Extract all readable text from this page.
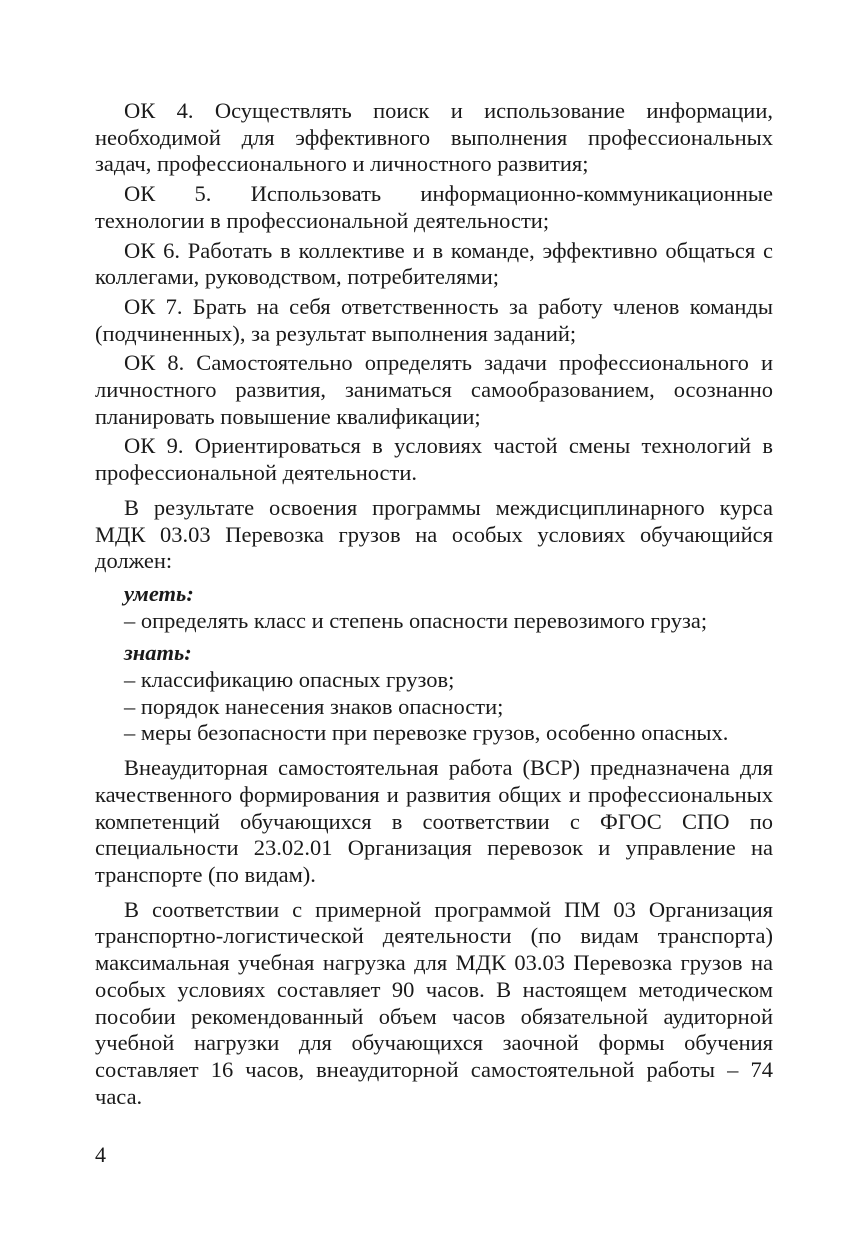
ОК 4. Осуществлять поиск и использование информации, необходимой для эффективного выполнения профессиональных задач, профессионального и личностного развития;

ОК 5. Использовать информационно-коммуникационные технологии в профессиональной деятельности;

ОК 6. Работать в коллективе и в команде, эффективно общаться с коллегами, руководством, потребителями;

ОК 7. Брать на себя ответственность за работу членов команды (подчиненных), за результат выполнения заданий;

ОК 8. Самостоятельно определять задачи профессионального и личностного развития, заниматься самообразованием, осознанно планировать повышение квалификации;

ОК 9. Ориентироваться в условиях частой смены технологий в профессиональной деятельности.

В результате освоения программы междисциплинарного курса МДК 03.03 Перевозка грузов на особых условиях обучающийся должен:

уметь:

– определять класс и степень опасности перевозимого груза;

знать:

– классификацию опасных грузов;

– порядок нанесения знаков опасности;

– меры безопасности при перевозке грузов, особенно опасных.

Внеаудиторная самостоятельная работа (ВСР) предназначена для качественного формирования и развития общих и профессиональных компетенций обучающихся в соответствии с ФГОС СПО по специальности 23.02.01 Организация перевозок и управление на транспорте (по видам).

В соответствии с примерной программой ПМ 03 Организация транспортно-логистической деятельности (по видам транспорта) максимальная учебная нагрузка для МДК 03.03 Перевозка грузов на особых условиях составляет 90 часов. В настоящем методическом пособии рекомендованный объем часов обязательной аудиторной учебной нагрузки для обучающихся заочной формы обучения составляет 16 часов, внеаудиторной самостоятельной работы – 74 часа.

4
